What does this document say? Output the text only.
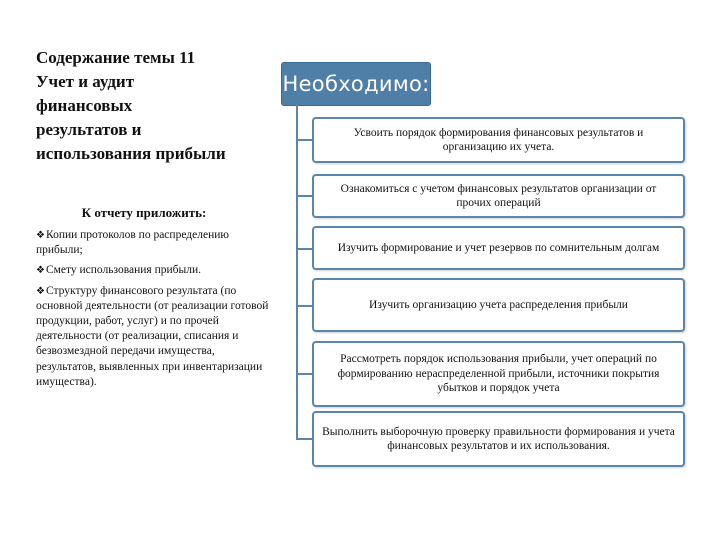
Содержание темы 11
Учет и аудит
финансовых
результатов и
использования прибыли
К отчету приложить:
❖Копии протоколов по распределению прибыли;
❖Смету использования прибыли.
❖Структуру финансового результата (по основной деятельности (от реализации готовой продукции, работ, услуг) и по прочей деятельности (от реализации, списания и безвозмездной передачи имущества, результатов, выявленных при инвентаризации имущества).
Необходимо:
Усвоить порядок формирования финансовых результатов и организацию их учета.
Ознакомиться с учетом финансовых результатов организации от прочих операций
Изучить формирование и учет резервов по сомнительным долгам
Изучить организацию учета распределения прибыли
Рассмотреть порядок использования прибыли, учет операций по формированию нераспределенной прибыли, источники покрытия убытков и порядок учета
Выполнить выборочную проверку правильности формирования и учета финансовых результатов и их использования.
